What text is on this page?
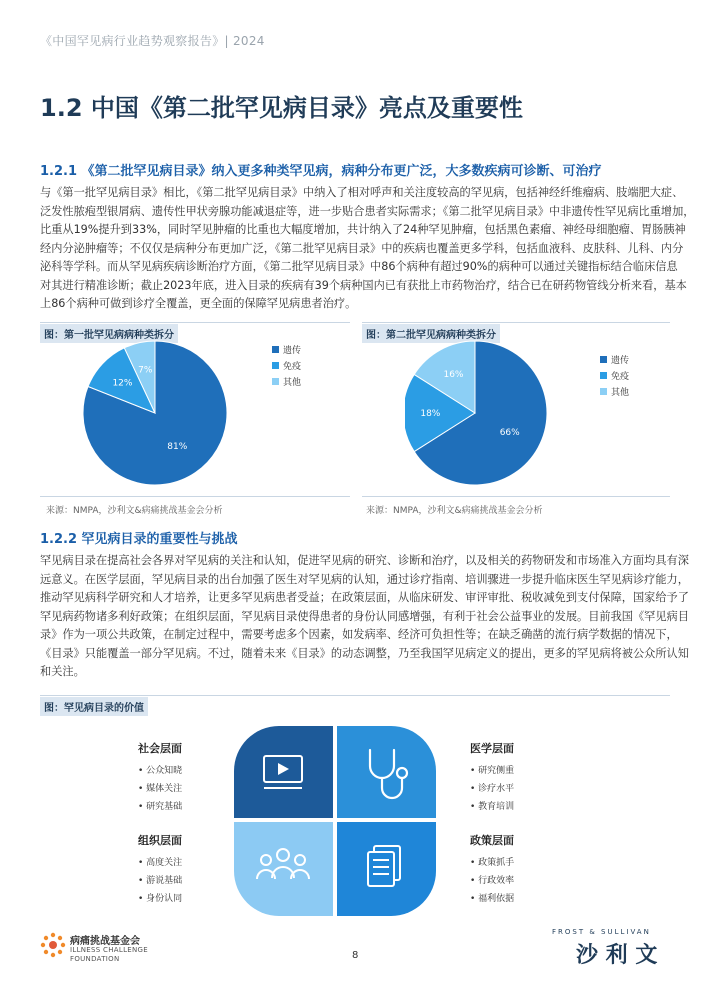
《中国罕见病行业趋势观察报告》| 2024
1.2 中国《第二批罕见病目录》亮点及重要性
1.2.1 《第二批罕见病目录》纳入更多种类罕见病，病种分布更广泛，大多数疾病可诊断、可治疗
与《第一批罕见病目录》相比，《第二批罕见病目录》中纳入了相对呼声和关注度较高的罕见病，包括神经纤维瘤病、肢端肥大症、
泛发性脓疱型银屑病、遗传性甲状旁腺功能减退症等，进一步贴合患者实际需求；《第二批罕见病目录》中非遗传性罕见病比重增加，
比重从19%提升到33%，同时罕见肿瘤的比重也大幅度增加，共计纳入了24种罕见肿瘤，包括黑色素瘤、神经母细胞瘤、胃肠胰神
经内分泌肿瘤等；不仅仅是病种分布更加广泛，《第二批罕见病目录》中的疾病也覆盖更多学科，包括血液科、皮肤科、儿科、内分
泌科等学科。而从罕见病疾病诊断治疗方面，《第二批罕见病目录》中86个病种有超过90%的病种可以通过关键指标结合临床信息
对其进行精准诊断；截止2023年底，进入目录的疾病有39个病种国内已有获批上市药物治疗，结合已在研药物管线分析来看，基本
上86个病种可做到诊疗全覆盖，更全面的保障罕见病患者治疗。
图：第一批罕见病病种类拆分
81%
12%
7%
遗传
免疫
其他
来源：NMPA，沙利文&病痛挑战基金会分析
图：第二批罕见病病种类拆分
66%
18%
16%
遗传
免疫
其他
来源：NMPA，沙利文&病痛挑战基金会分析
1.2.2 罕见病目录的重要性与挑战
罕见病目录在提高社会各界对罕见病的关注和认知，促进罕见病的研究、诊断和治疗，以及相关的药物研发和市场准入方面均具有深
远意义。在医学层面，罕见病目录的出台加强了医生对罕见病的认知，通过诊疗指南、培训骤进一步提升临床医生罕见病诊疗能力，
推动罕见病科学研究和人才培养，让更多罕见病患者受益；在政策层面，从临床研发、审评审批、税收减免到支付保障，国家给予了
罕见病药物诸多利好政策；在组织层面，罕见病目录使得患者的身份认同感增强，有利于社会公益事业的发展。目前我国《罕见病目
录》作为一项公共政策，在制定过程中，需要考虑多个因素，如发病率、经济可负担性等；在缺乏确凿的流行病学数据的情况下，
《目录》只能覆盖一部分罕见病。不过，随着未来《目录》的动态调整，乃至我国罕见病定义的提出，更多的罕见病将被公众所认知
和关注。
图：罕见病目录的价值
社会层面
• 公众知晓
• 媒体关注
• 研究基础
医学层面
• 研究侧重
• 诊疗水平
• 教育培训
组织层面
• 高度关注
• 游说基础
• 身份认同
政策层面
• 政策抓手
• 行政效率
• 福利依据
病痛挑战基金会
ILLNESS CHALLENGE
FOUNDATION	8
FROST & SULLIVAN
沙 利 文
